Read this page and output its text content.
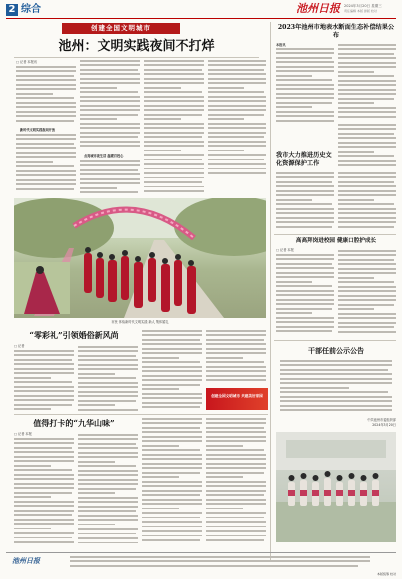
2 综合	池州日报 2024年3月20日 星期三
责任编辑 本版 排版 校对
创建全国文明城市
池州：文明实践夜间不打烊
□ 记者 本报讯
新时代文明实践夜间开放
点亮城市夜生活 温暖百姓心
市民 体验新时代文明实践 新人 集体婚礼
“零彩礼”引领婚俗新风尚
□ 记者
创建全国文明城市 共建美好家园
值得打卡的“九华山味”
□ 记者 本报
2023年池州市地表水断面生态补偿结果公布
本报讯
我市大力推进历史文化资源保护工作
高高拜岗进校园 健康口腔护成长
□ 记者 本报
干部任前公示公告
中共池州市委组织部
2024年3月20日
池州日报
本版统筹 校对
